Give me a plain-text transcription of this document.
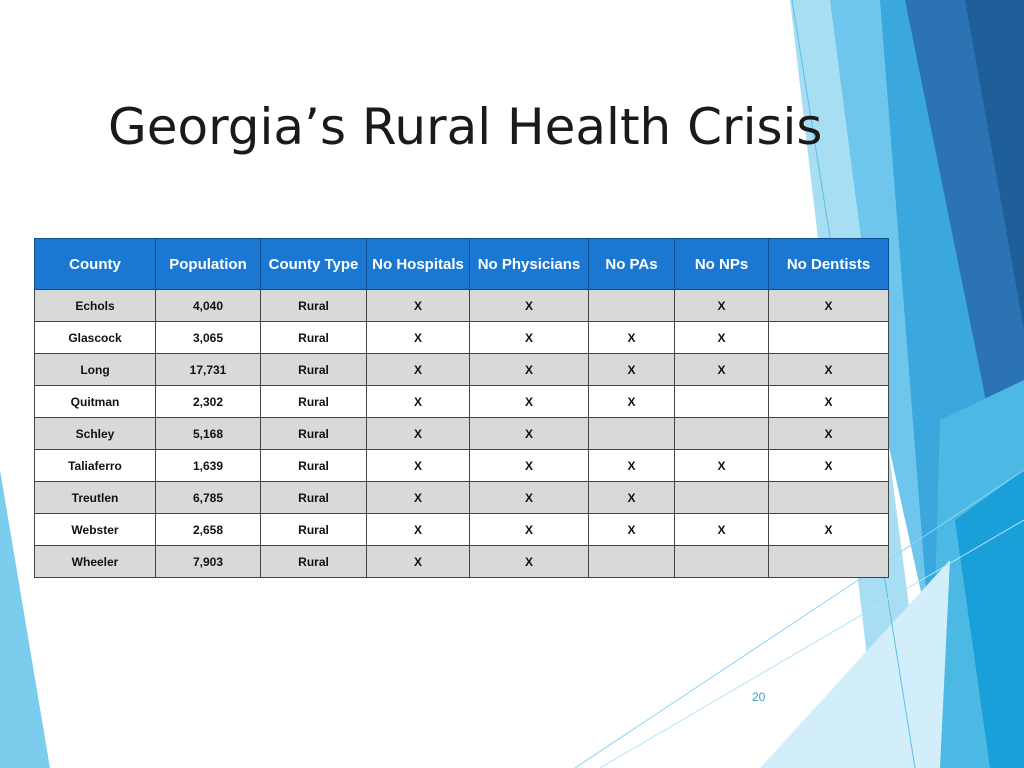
Georgia’s Rural Health Crisis
County	Population	County Type	No Hospitals	No Physicians	No PAs	No NPs	No Dentists
Echols	4,040	Rural	X	X		X	X
Glascock	3,065	Rural	X	X	X	X	
Long	17,731	Rural	X	X	X	X	X
Quitman	2,302	Rural	X	X	X		X
Schley	5,168	Rural	X	X			X
Taliaferro	1,639	Rural	X	X	X	X	X
Treutlen	6,785	Rural	X	X	X		
Webster	2,658	Rural	X	X	X	X	X
Wheeler	7,903	Rural	X	X			
20
